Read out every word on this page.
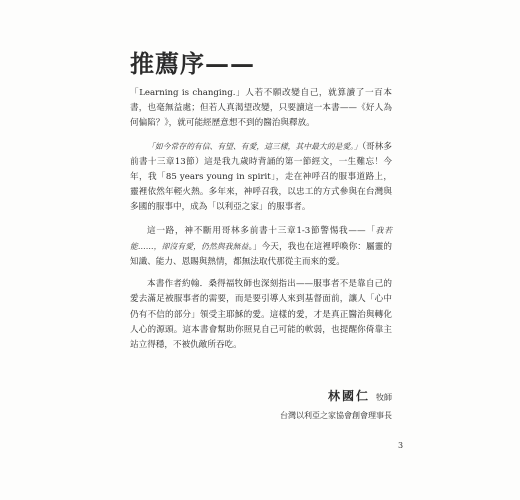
推薦序——

「Learning is changing.」人若不願改變自己，就算讀了一百本書，也毫無益處；但若人真渴望改變，只要讀這一本書——《好人為何偏陷？》，就可能經歷意想不到的醫治與釋放。

「如今常存的有信、有望、有愛，這三樣，其中最大的是愛。」（哥林多前書十三章13節）這是我九歲時背誦的第一節經文，一生難忘！今年，我「85 years young in spirit」，走在神呼召的服事道路上，靈裡依然年輕火熱。多年來，神呼召我，以忠工的方式參與在台灣與多國的服事中，成為「以利亞之家」的服事者。

這一路，神不斷用哥林多前書十三章1-3節警惕我——「我若能……，卻沒有愛，仍然與我無益。」今天，我也在這裡呼喚你：屬靈的知識、能力、恩賜與熱情，都無法取代那從主而來的愛。

本書作者約翰．桑得福牧師也深刻指出——服事者不是靠自己的愛去滿足被服事者的需要，而是要引導人來到基督面前，讓人「心中仍有不信的部分」領受主耶穌的愛。這樣的愛，才是真正醫治與轉化人心的源頭。這本書會幫助你照見自己可能的軟弱，也提醒你倚靠主站立得穩，不被仇敵所吞吃。

林國仁 牧師
台灣以利亞之家協會創會理事長
3
